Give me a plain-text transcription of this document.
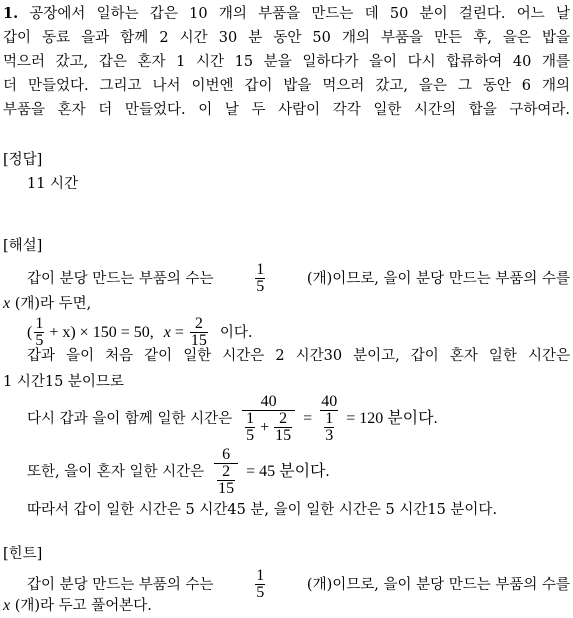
1. 공장에서 일하는 갑은 10 개의 부품을 만드는 데 50 분이 걸린다. 어느 날
갑이 동료 을과 함께 2 시간 30 분 동안 50 개의 부품을 만든 후, 을은 밥을
먹으러 갔고, 갑은 혼자 1 시간 15 분을 일하다가 을이 다시 합류하여 40 개를
더 만들었다. 그리고 나서 이번엔 갑이 밥을 먹으러 갔고, 을은 그 동안 6 개의
부품을 혼자 더 만들었다. 이 날 두 사람이 각각 일한 시간의 합을 구하여라.
[정답]
11 시간
[해설]
갑이 분당 만드는 부품의 수는	$\frac{1}{5}$	(개)이므로, 을이 분당 만드는 부품의 수를
x (개)라 두면,
( $\frac{1}{5} + x) \times 150 = 50$, $x = \frac{2}{15}$ 이다.
갑과 을이 처음 같이 일한 시간은 2 시간30 분이고, 갑이 혼자 일한 시간은
1 시간15 분이므로
다시 갑과 을이 함께 일한 시간은
40
$\frac{1}{5} + \frac{2}{15} = \frac{40}{\frac{1}{3}} = 120$ 분이다.
또한, 을이 혼자 일한 시간은 $\frac{6}{\frac{2}{15}} = 45$ 분이다.
따라서 갑이 일한 시간은 5 시간45 분, 을이 일한 시간은 5 시간15 분이다.
[힌트]
갑이 분당 만드는 부품의 수는	$\frac{1}{5}$	(개)이므로, 을이 분당 만드는 부품의 수를
x (개)라 두고 풀어본다.
